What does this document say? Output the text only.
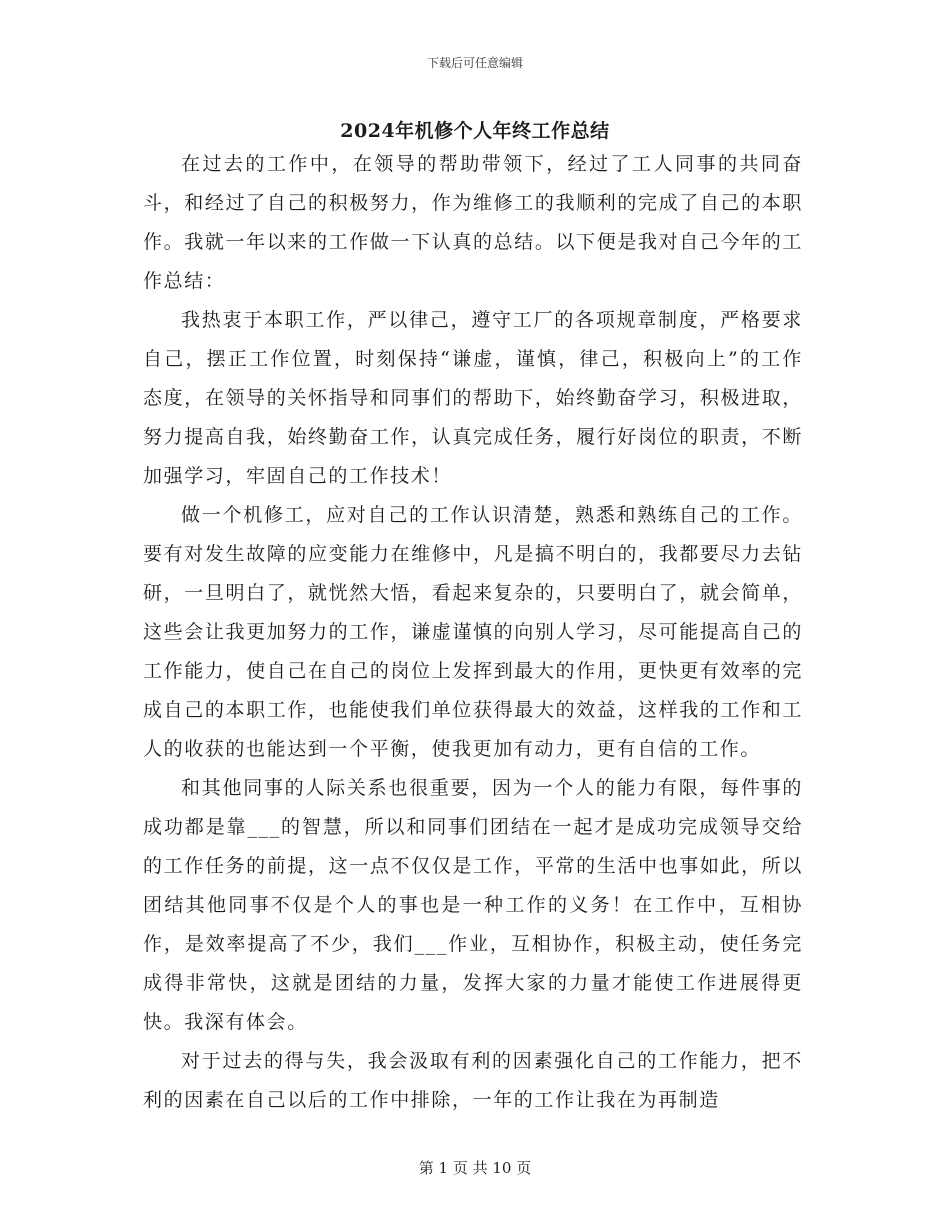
下载后可任意编辑
2024年机修个人年终工作总结

在过去的工作中，在领导的帮助带领下，经过了工人同事的共同奋斗，和经过了自己的积极努力，作为维修工的我顺利的完成了自己的本职作。我就一年以来的工作做一下认真的总结。以下便是我对自己今年的工作总结：

我热衷于本职工作，严以律己，遵守工厂的各项规章制度，严格要求自己，摆正工作位置，时刻保持“谦虚，谨慎，律己，积极向上”的工作态度，在领导的关怀指导和同事们的帮助下，始终勤奋学习，积极进取，努力提高自我，始终勤奋工作，认真完成任务，履行好岗位的职责，不断加强学习，牢固自己的工作技术！

做一个机修工，应对自己的工作认识清楚，熟悉和熟练自己的工作。要有对发生故障的应变能力在维修中，凡是搞不明白的，我都要尽力去钻研，一旦明白了，就恍然大悟，看起来复杂的，只要明白了，就会简单，这些会让我更加努力的工作，谦虚谨慎的向别人学习，尽可能提高自己的工作能力，使自己在自己的岗位上发挥到最大的作用，更快更有效率的完成自己的本职工作，也能使我们单位获得最大的效益，这样我的工作和工人的收获的也能达到一个平衡，使我更加有动力，更有自信的工作。

和其他同事的人际关系也很重要，因为一个人的能力有限，每件事的成功都是靠___的智慧，所以和同事们团结在一起才是成功完成领导交给的工作任务的前提，这一点不仅仅是工作，平常的生活中也事如此，所以团结其他同事不仅是个人的事也是一种工作的义务！在工作中，互相协作，是效率提高了不少，我们___作业，互相协作，积极主动，使任务完成得非常快，这就是团结的力量，发挥大家的力量才能使工作进展得更快。我深有体会。

对于过去的得与失，我会汲取有利的因素强化自己的工作能力，把不利的因素在自己以后的工作中排除，一年的工作让我在为再制造

第 1 页 共 10 页
